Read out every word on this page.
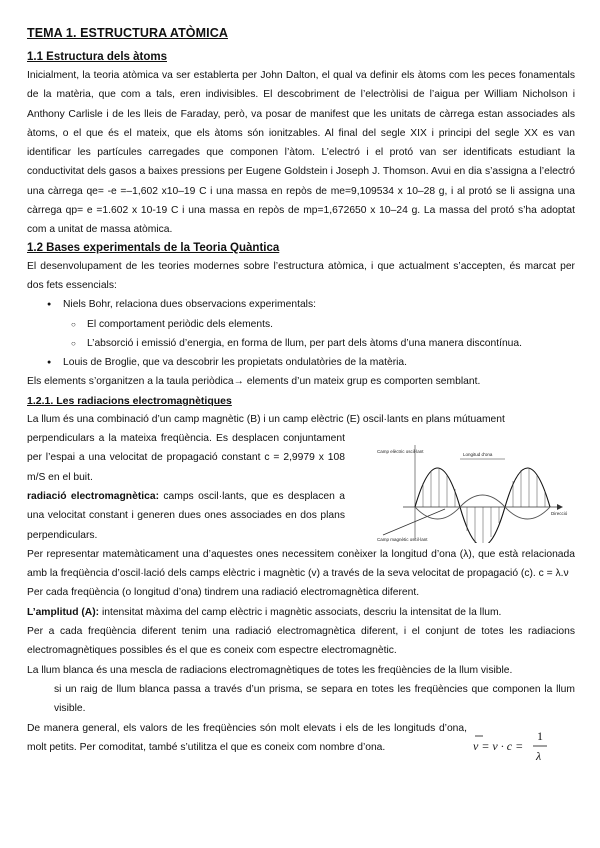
TEMA 1. ESTRUCTURA ATÒMICA
1.1 Estructura dels àtoms

Inicialment, la teoria atòmica va ser establerta per John Dalton, el qual va definir els àtoms com les peces fonamentals de la matèria, que com a tals, eren indivisibles. El descobriment de l’electròlisi de l’aigua per William Nicholson i Anthony Carlisle i de les lleis de Faraday, però, va posar de manifest que les unitats de càrrega estan associades als àtoms, o el que és el mateix, que els àtoms són ionitzables. Al final del segle XIX i principi del segle XX es van identificar les partícules carregades que componen l’àtom. L’electró i el protó van ser identificats estudiant la conductivitat dels gasos a baixes pressions per Eugene Goldstein i Joseph J. Thomson. Avui en dia s’assigna a l’electró una càrrega qe= -e =–1,602 x10–19 C i una massa en repòs de me=9,109534 x 10–28 g, i al protó se li assigna una càrrega qp= e =1.602 x 10-19 C i una massa en repòs de mp=1,672650 x 10–24 g. La massa del protó s’ha adoptat com a unitat de massa atòmica.

1.2 Bases experimentals de la Teoria Quàntica

El desenvolupament de les teories modernes sobre l’estructura atòmica, i que actualment s’accepten, és marcat per dos fets essencials:

● Niels Bohr, relaciona dues observacions experimentals:
○ El comportament periòdic dels elements.
○ L’absorció i emissió d’energia, en forma de llum, per part dels àtoms d’una manera discontínua.
● Louis de Broglie, que va descobrir les propietats ondulatòries de la matèria.

Els elements s’organitzen a la taula periòdica→ elements d’un mateix grup es comporten semblant.

1.2.1. Les radiacions electromagnètiques

La llum és una combinació d’un camp magnètic (B) i un camp elèctric (E) oscil·lants en plans mútuament

Camp elèctric oscil·lant
Longitud d'ona
Direcció
Camp magnètic oscil·lant

perpendiculars a la mateixa freqüència. Es desplacen conjuntament per l’espai a una velocitat de propagació constant c = 2,9979 x 108 m/S en el buit.

radiació electromagnètica: camps oscil·lants, que es desplacen a una velocitat constant i generen dues ones associades en dos plans perpendiculars.

Per representar matemàticament una d’aquestes ones necessitem conèixer la longitud d’ona (λ), que està relacionada amb la freqüència d’oscil·lació dels camps elèctric i magnètic (v) a través de la seva velocitat de propagació (c). c = λ.ν

Per cada freqüència (o longitud d’ona) tindrem una radiació electromagnètica diferent.

L’amplitud (A): intensitat màxima del camp elèctric i magnètic associats, descriu la intensitat de la llum.

Per a cada freqüència diferent tenim una radiació electromagnètica diferent, i el conjunt de totes les radiacions electromagnètiques possibles és el que es coneix com espectre electromagnètic.

La llum blanca és una mescla de radiacions electromagnètiques de totes les freqüències de la llum visible.

si un raig de llum blanca passa a través d’un prisma, se separa en totes les freqüències que componen la llum visible.

De manera general, els valors de les freqüències són molt elevats i els de les longituds d’ona, molt petits. Per comoditat, també s’utilitza el que es coneix com nombre d’ona.	ν = ν · c =
1
λ
